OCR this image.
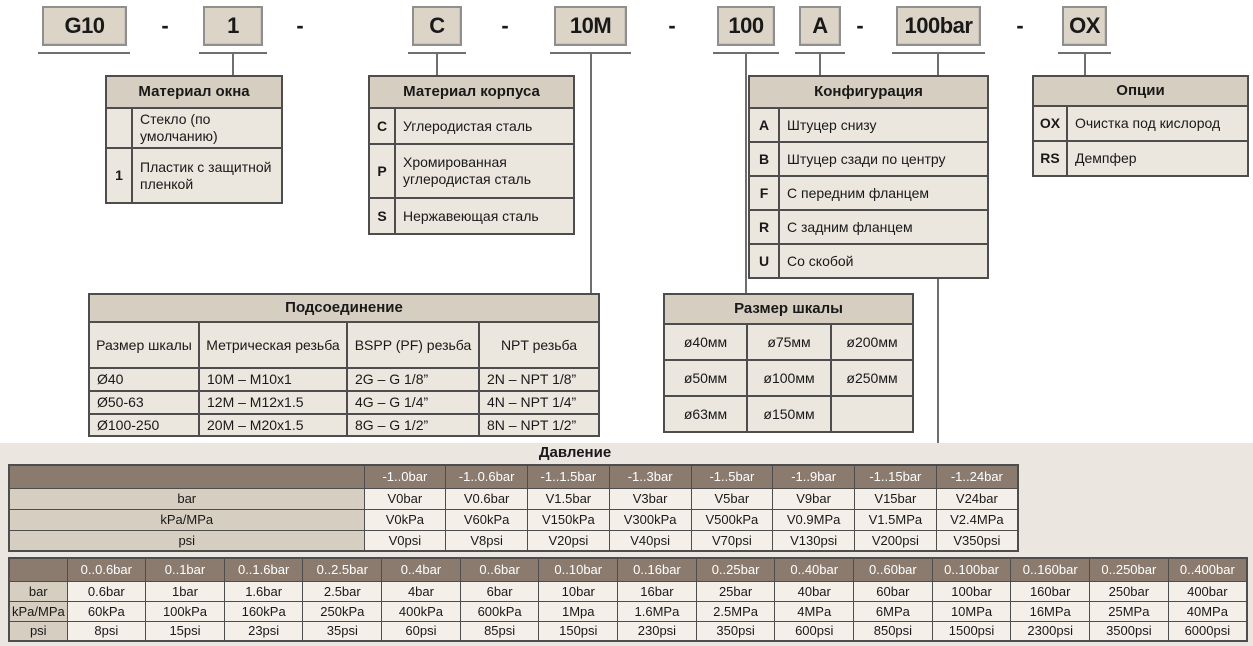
G10	-	1	-	C	-	10M	-	100	A	-	100bar	-	OX
Материал окна	
	Стекло (по умолчанию)
1	Пластик с защитной пленкой
Материал корпуса	
C	Углеродистая сталь
P	Хромированная углеродистая сталь
S	Нержавеющая сталь
Конфигурация	
A	Штуцер снизу
B	Штуцер сзади по центру
F	С передним фланцем
R	С задним фланцем
U	Со скобой
Опции	
OX	Очистка под кислород
RS	Демпфер
Подсоединение			
Размер шкалы	Метрическая резьба	BSPP (PF) резьба	NPT резьба
Ø40	10M – M10x1	2G – G 1/8”	2N – NPT 1/8”
Ø50-63	12M – M12x1.5	4G – G 1/4”	4N – NPT 1/4”
Ø100-250	20M – M20x1.5	8G – G 1/2”	8N – NPT 1/2”
Размер шкалы		
ø40мм	ø75мм	ø200мм
ø50мм	ø100мм	ø250мм
ø63мм	ø150мм	
Давление
	-1..0bar	-1..0.6bar	-1..1.5bar	-1..3bar	-1..5bar	-1..9bar	-1..15bar	-1..24bar
bar	V0bar	V0.6bar	V1.5bar	V3bar	V5bar	V9bar	V15bar	V24bar
kPa/MPa	V0kPa	V60kPa	V150kPa	V300kPa	V500kPa	V0.9MPa	V1.5MPa	V2.4MPa
psi	V0psi	V8psi	V20psi	V40psi	V70psi	V130psi	V200psi	V350psi
	0..0.6bar	0..1bar	0..1.6bar	0..2.5bar	0..4bar	0..6bar	0..10bar	0..16bar	0..25bar	0..40bar	0..60bar	0..100bar	0..160bar	0..250bar	0..400bar
bar	0.6bar	1bar	1.6bar	2.5bar	4bar	6bar	10bar	16bar	25bar	40bar	60bar	100bar	160bar	250bar	400bar
kPa/MPa	60kPa	100kPa	160kPa	250kPa	400kPa	600kPa	1Mpa	1.6MPa	2.5MPa	4MPa	6MPa	10MPa	16MPa	25MPa	40MPa
psi	8psi	15psi	23psi	35psi	60psi	85psi	150psi	230psi	350psi	600psi	850psi	1500psi	2300psi	3500psi	6000psi
